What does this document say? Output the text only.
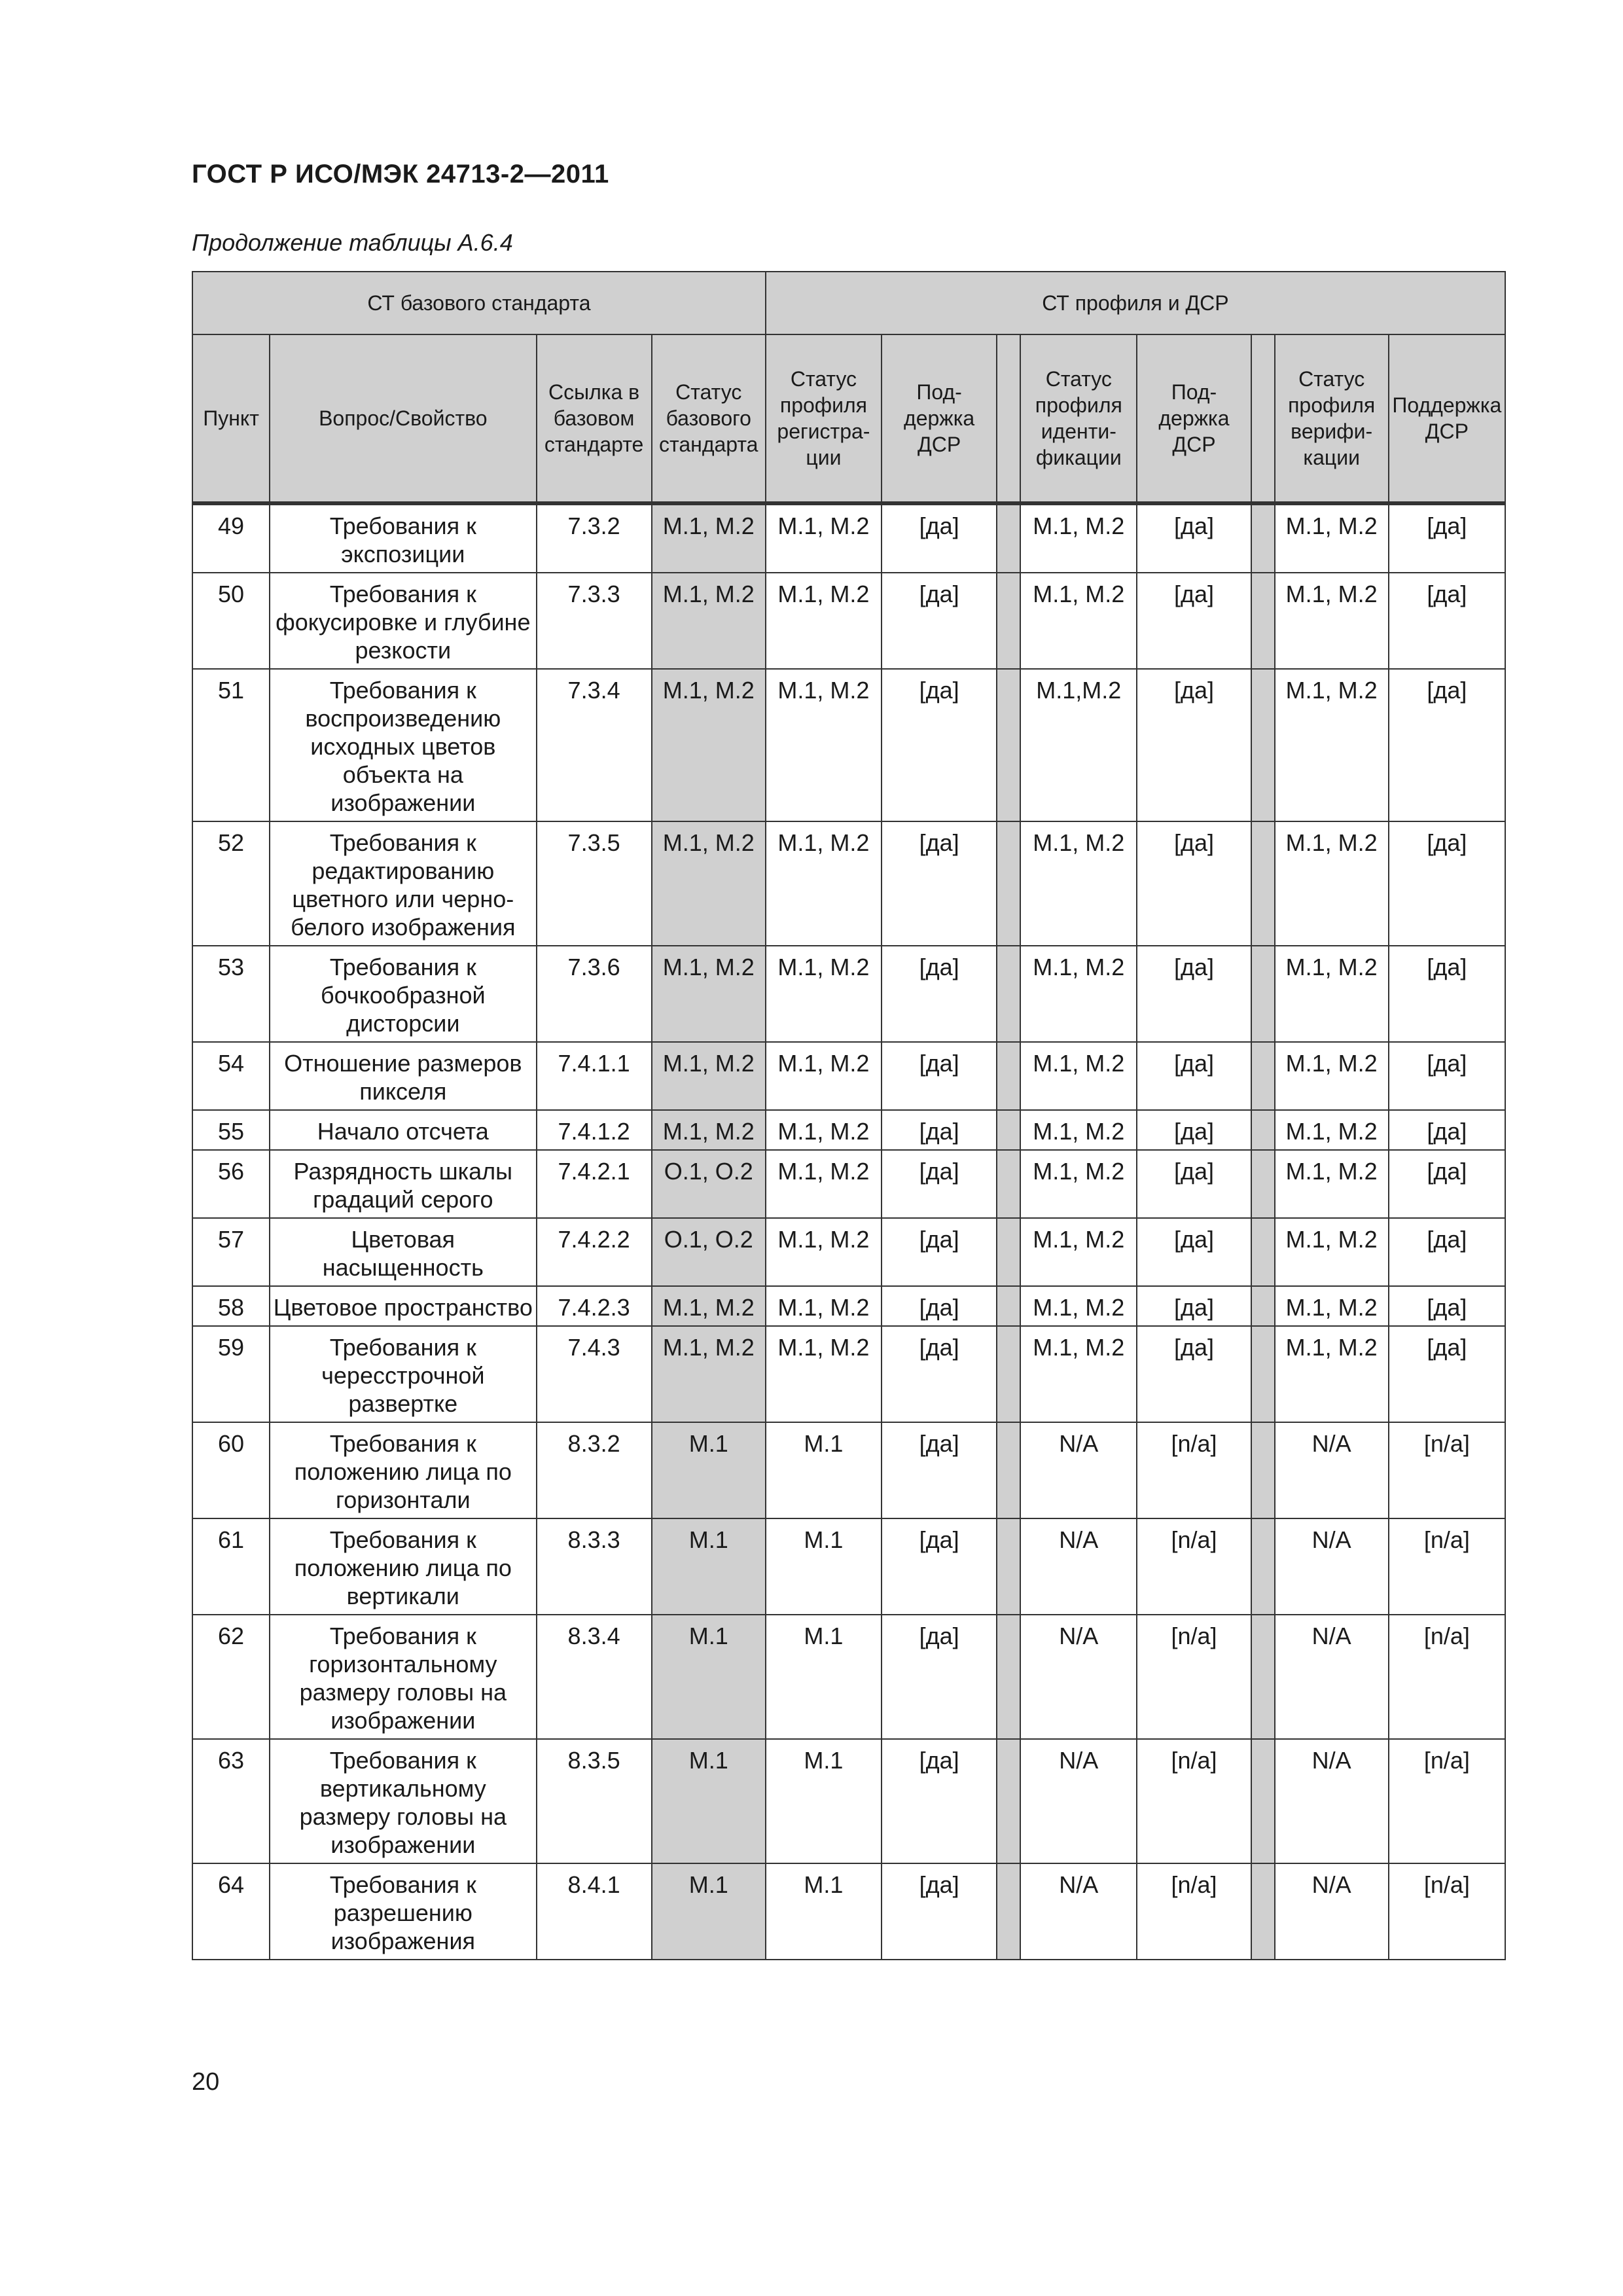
ГОСТ Р ИСО/МЭК 24713-2—2011
Продолжение таблицы А.6.4
СТ базового стандарта				СТ профиля и ДСР							
Пункт	Вопрос/Свойство	Ссылка в базовом стандарте	Статус базового стандарта	Статус профиля регистрации	Поддержка ДСР		Статус профиля идентификации	Поддержка ДСР		Статус профиля верификации	Поддержка ДСР
49	Требования к экспозиции	7.3.2	М.1, М.2	М.1, М.2	[да]		М.1, М.2	[да]		М.1, М.2	[да]
50	Требования к фокусировке и глубине резкости	7.3.3	М.1, М.2	М.1, М.2	[да]		М.1, М.2	[да]		М.1, М.2	[да]
51	Требования к воспроизведению исходных цветов объекта на изображении	7.3.4	М.1, М.2	М.1, М.2	[да]		М.1,М.2	[да]		М.1, М.2	[да]
52	Требования к редактированию цветного или черно-белого изображения	7.3.5	М.1, М.2	М.1, М.2	[да]		М.1, М.2	[да]		М.1, М.2	[да]
53	Требования к бочкообразной дисторсии	7.3.6	М.1, М.2	М.1, М.2	[да]		М.1, М.2	[да]		М.1, М.2	[да]
54	Отношение размеров пикселя	7.4.1.1	М.1, М.2	М.1, М.2	[да]		М.1, М.2	[да]		М.1, М.2	[да]
55	Начало отсчета	7.4.1.2	М.1, М.2	М.1, М.2	[да]		М.1, М.2	[да]		М.1, М.2	[да]
56	Разрядность шкалы градаций серого	7.4.2.1	О.1, О.2	М.1, М.2	[да]		М.1, М.2	[да]		М.1, М.2	[да]
57	Цветовая насыщенность	7.4.2.2	О.1, О.2	М.1, М.2	[да]		М.1, М.2	[да]		М.1, М.2	[да]
58	Цветовое пространство	7.4.2.3	М.1, М.2	М.1, М.2	[да]		М.1, М.2	[да]		М.1, М.2	[да]
59	Требования к чересстрочной развертке	7.4.3	М.1, М.2	М.1, М.2	[да]		М.1, М.2	[да]		М.1, М.2	[да]
60	Требования к положению лица по горизонтали	8.3.2	М.1	М.1	[да]		N/A	[n/a]		N/A	[n/a]
61	Требования к положению лица по вертикали	8.3.3	М.1	М.1	[да]		N/A	[n/a]		N/A	[n/a]
62	Требования к горизонтальному размеру головы на изображении	8.3.4	М.1	М.1	[да]		N/A	[n/a]		N/A	[n/a]
63	Требования к вертикальному размеру головы на изображении	8.3.5	М.1	М.1	[да]		N/A	[n/a]		N/A	[n/a]
64	Требования к разрешению изображения	8.4.1	М.1	М.1	[да]		N/A	[n/a]		N/A	[n/a]
20
